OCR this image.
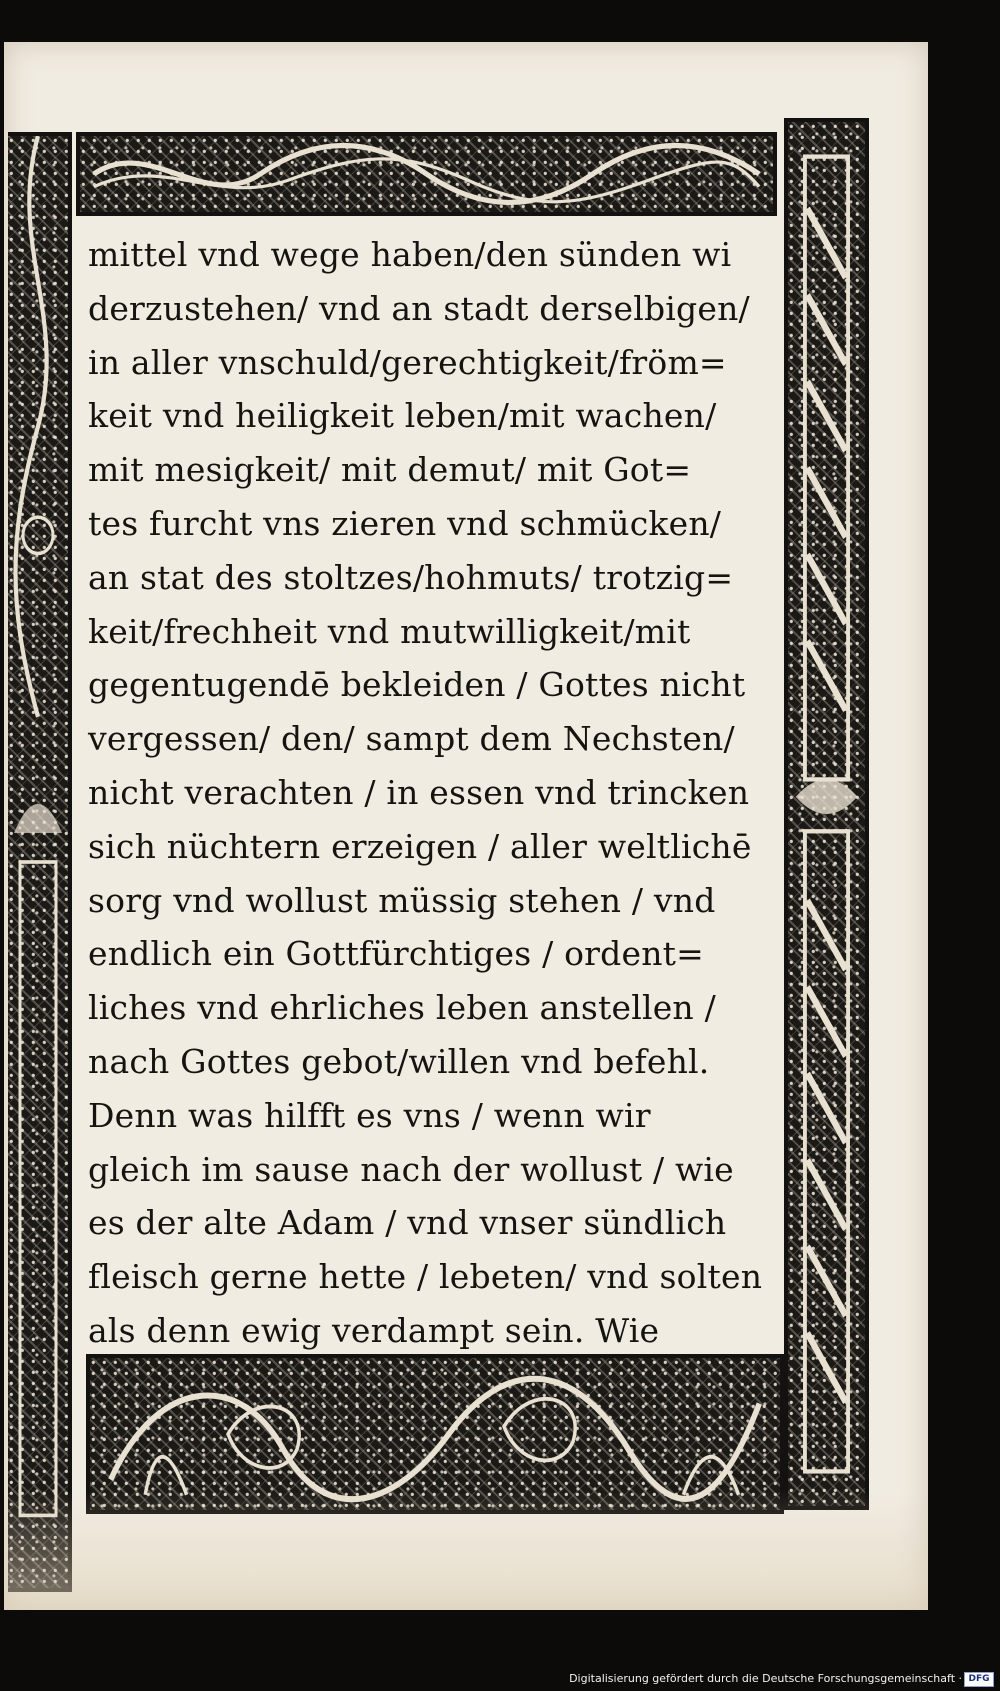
mittel vnd wege haben/den sünden wi
derzustehen/ vnd an stadt derselbigen/
in aller vnschuld/gerechtigkeit/fröm=
keit vnd heiligkeit leben/mit wachen/
mit mesigkeit/ mit demut/ mit Got=
tes furcht vns zieren vnd schmücken/
an stat des stoltzes/hohmuts/ trotzig=
keit/frechheit vnd mutwilligkeit/mit
gegentugendē bekleiden / Gottes nicht
vergessen/ den/ sampt dem Nechsten/
nicht verachten / in essen vnd trincken
sich nüchtern erzeigen / aller weltlichē
sorg vnd wollust müssig stehen / vnd
endlich ein Gottfürchtiges / ordent=
liches vnd ehrliches leben anstellen /
nach Gottes gebot/willen vnd befehl.
Denn was hilfft es vns / wenn wir
gleich im sause nach der wollust / wie
es der alte Adam / vnd vnser sündlich
fleisch gerne hette / lebeten/ vnd solten
als denn ewig verdampt sein. Wie
Digitalisierung gefördert durch die Deutsche Forschungsgemeinschaft · DFG
